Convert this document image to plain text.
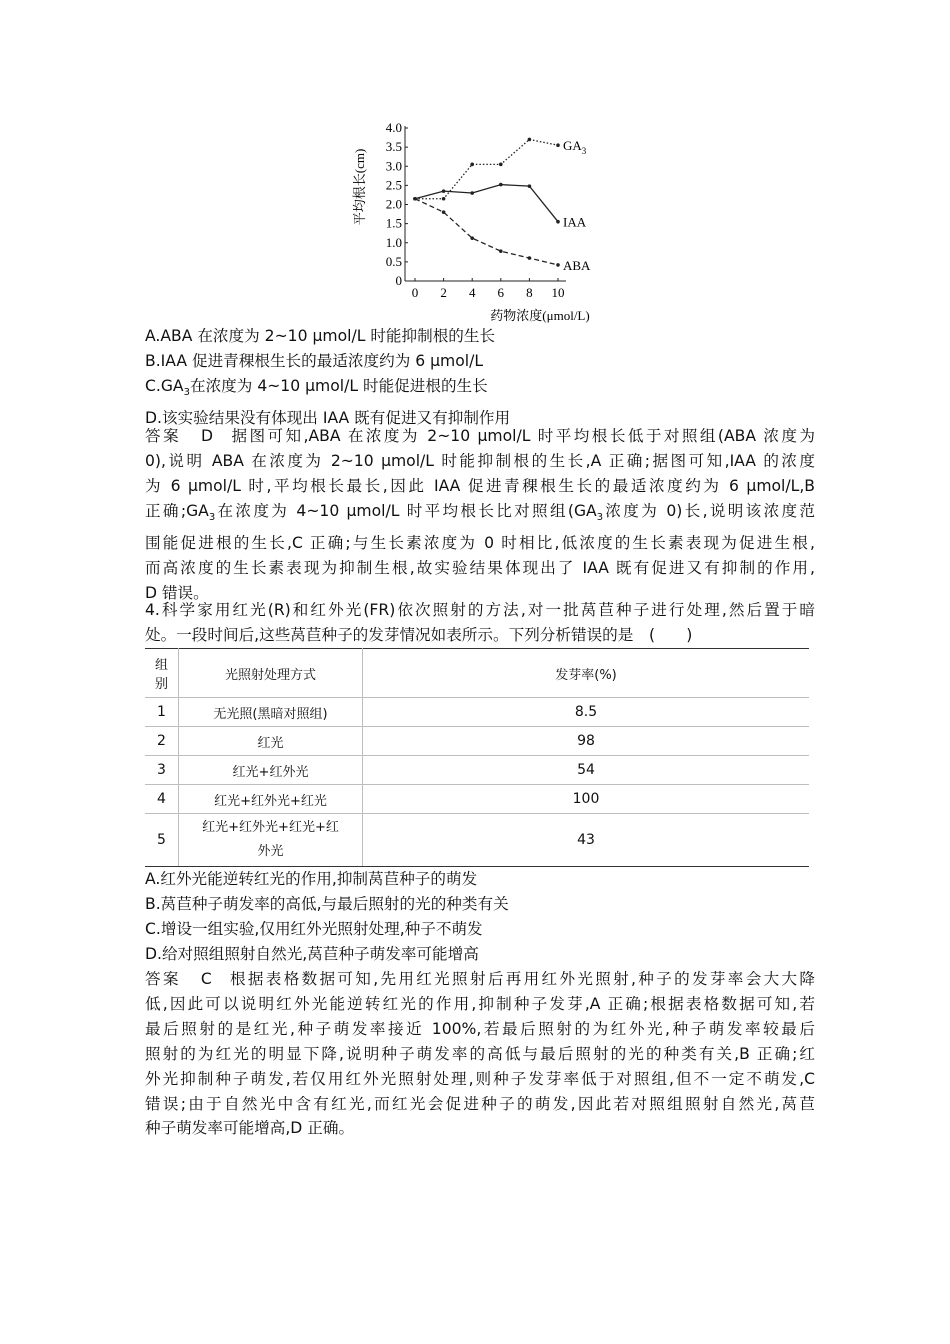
0
0.5
1.0
1.5
2.0
2.5
3.0
3.5
4.0
0 2 4 6 8 10
$GA_3$
IAA
ABA
平均根长(cm)
药物浓度(μmol/L)

A.ABA 在浓度为 2~10 μmol/L 时能抑制根的生长

B.IAA 促进青稞根生长的最适浓度约为 6 μmol/L

$C.GA_3$在浓度为 4~10 μmol/L 时能促进根的生长

D.该实验结果没有体现出 IAA 既有促进又有抑制作用

答案 D 据图可知,ABA 在浓度为 2~10 μmol/L 时平均根长低于对照组(ABA 浓度为

0),说明 ABA 在浓度为 2~10 μmol/L 时能抑制根的生长,A 正确;据图可知,IAA 的浓度

为 6 μmol/L 时,平均根长最长,因此 IAA 促进青稞根生长的最适浓度约为 6 μmol/L,B

正确$;GA_3$在浓度为 4~10 μmol/L 时平均根长比对照组($GA_3$浓度为 0)长,说明该浓度范

围能促进根的生长,C 正确;与生长素浓度为 0 时相比,低浓度的生长素表现为促进生根,

而高浓度的生长素表现为抑制生根,故实验结果体现出了 IAA 既有促进又有抑制的作用,

D 错误。

4.科学家用红光(R)和红外光(FR)依次照射的方法,对一批莴苣种子进行处理,然后置于暗

处。一段时间后,这些莴苣种子的发芽情况如表所示。下列分析错误的是　(　　)

组别	光照射处理方式	发芽率(%)
1	无光照(黑暗对照组)	8.5
2	红光	98
3	红光+红外光	54
4	红光+红外光+红光	100
5	红光+红外光+红光+红
外光	43

A.红外光能逆转红光的作用,抑制莴苣种子的萌发

B.莴苣种子萌发率的高低,与最后照射的光的种类有关

C.增设一组实验,仅用红外光照射处理,种子不萌发

D.给对照组照射自然光,莴苣种子萌发率可能增高

答案 C 根据表格数据可知,先用红光照射后再用红外光照射,种子的发芽率会大大降

低,因此可以说明红外光能逆转红光的作用,抑制种子发芽,A 正确;根据表格数据可知,若

最后照射的是红光,种子萌发率接近 100%,若最后照射的为红外光,种子萌发率较最后

照射的为红光的明显下降,说明种子萌发率的高低与最后照射的光的种类有关,B 正确;红

外光抑制种子萌发,若仅用红外光照射处理,则种子发芽率低于对照组,但不一定不萌发,C

错误;由于自然光中含有红光,而红光会促进种子的萌发,因此若对照组照射自然光,莴苣

种子萌发率可能增高,D 正确。
